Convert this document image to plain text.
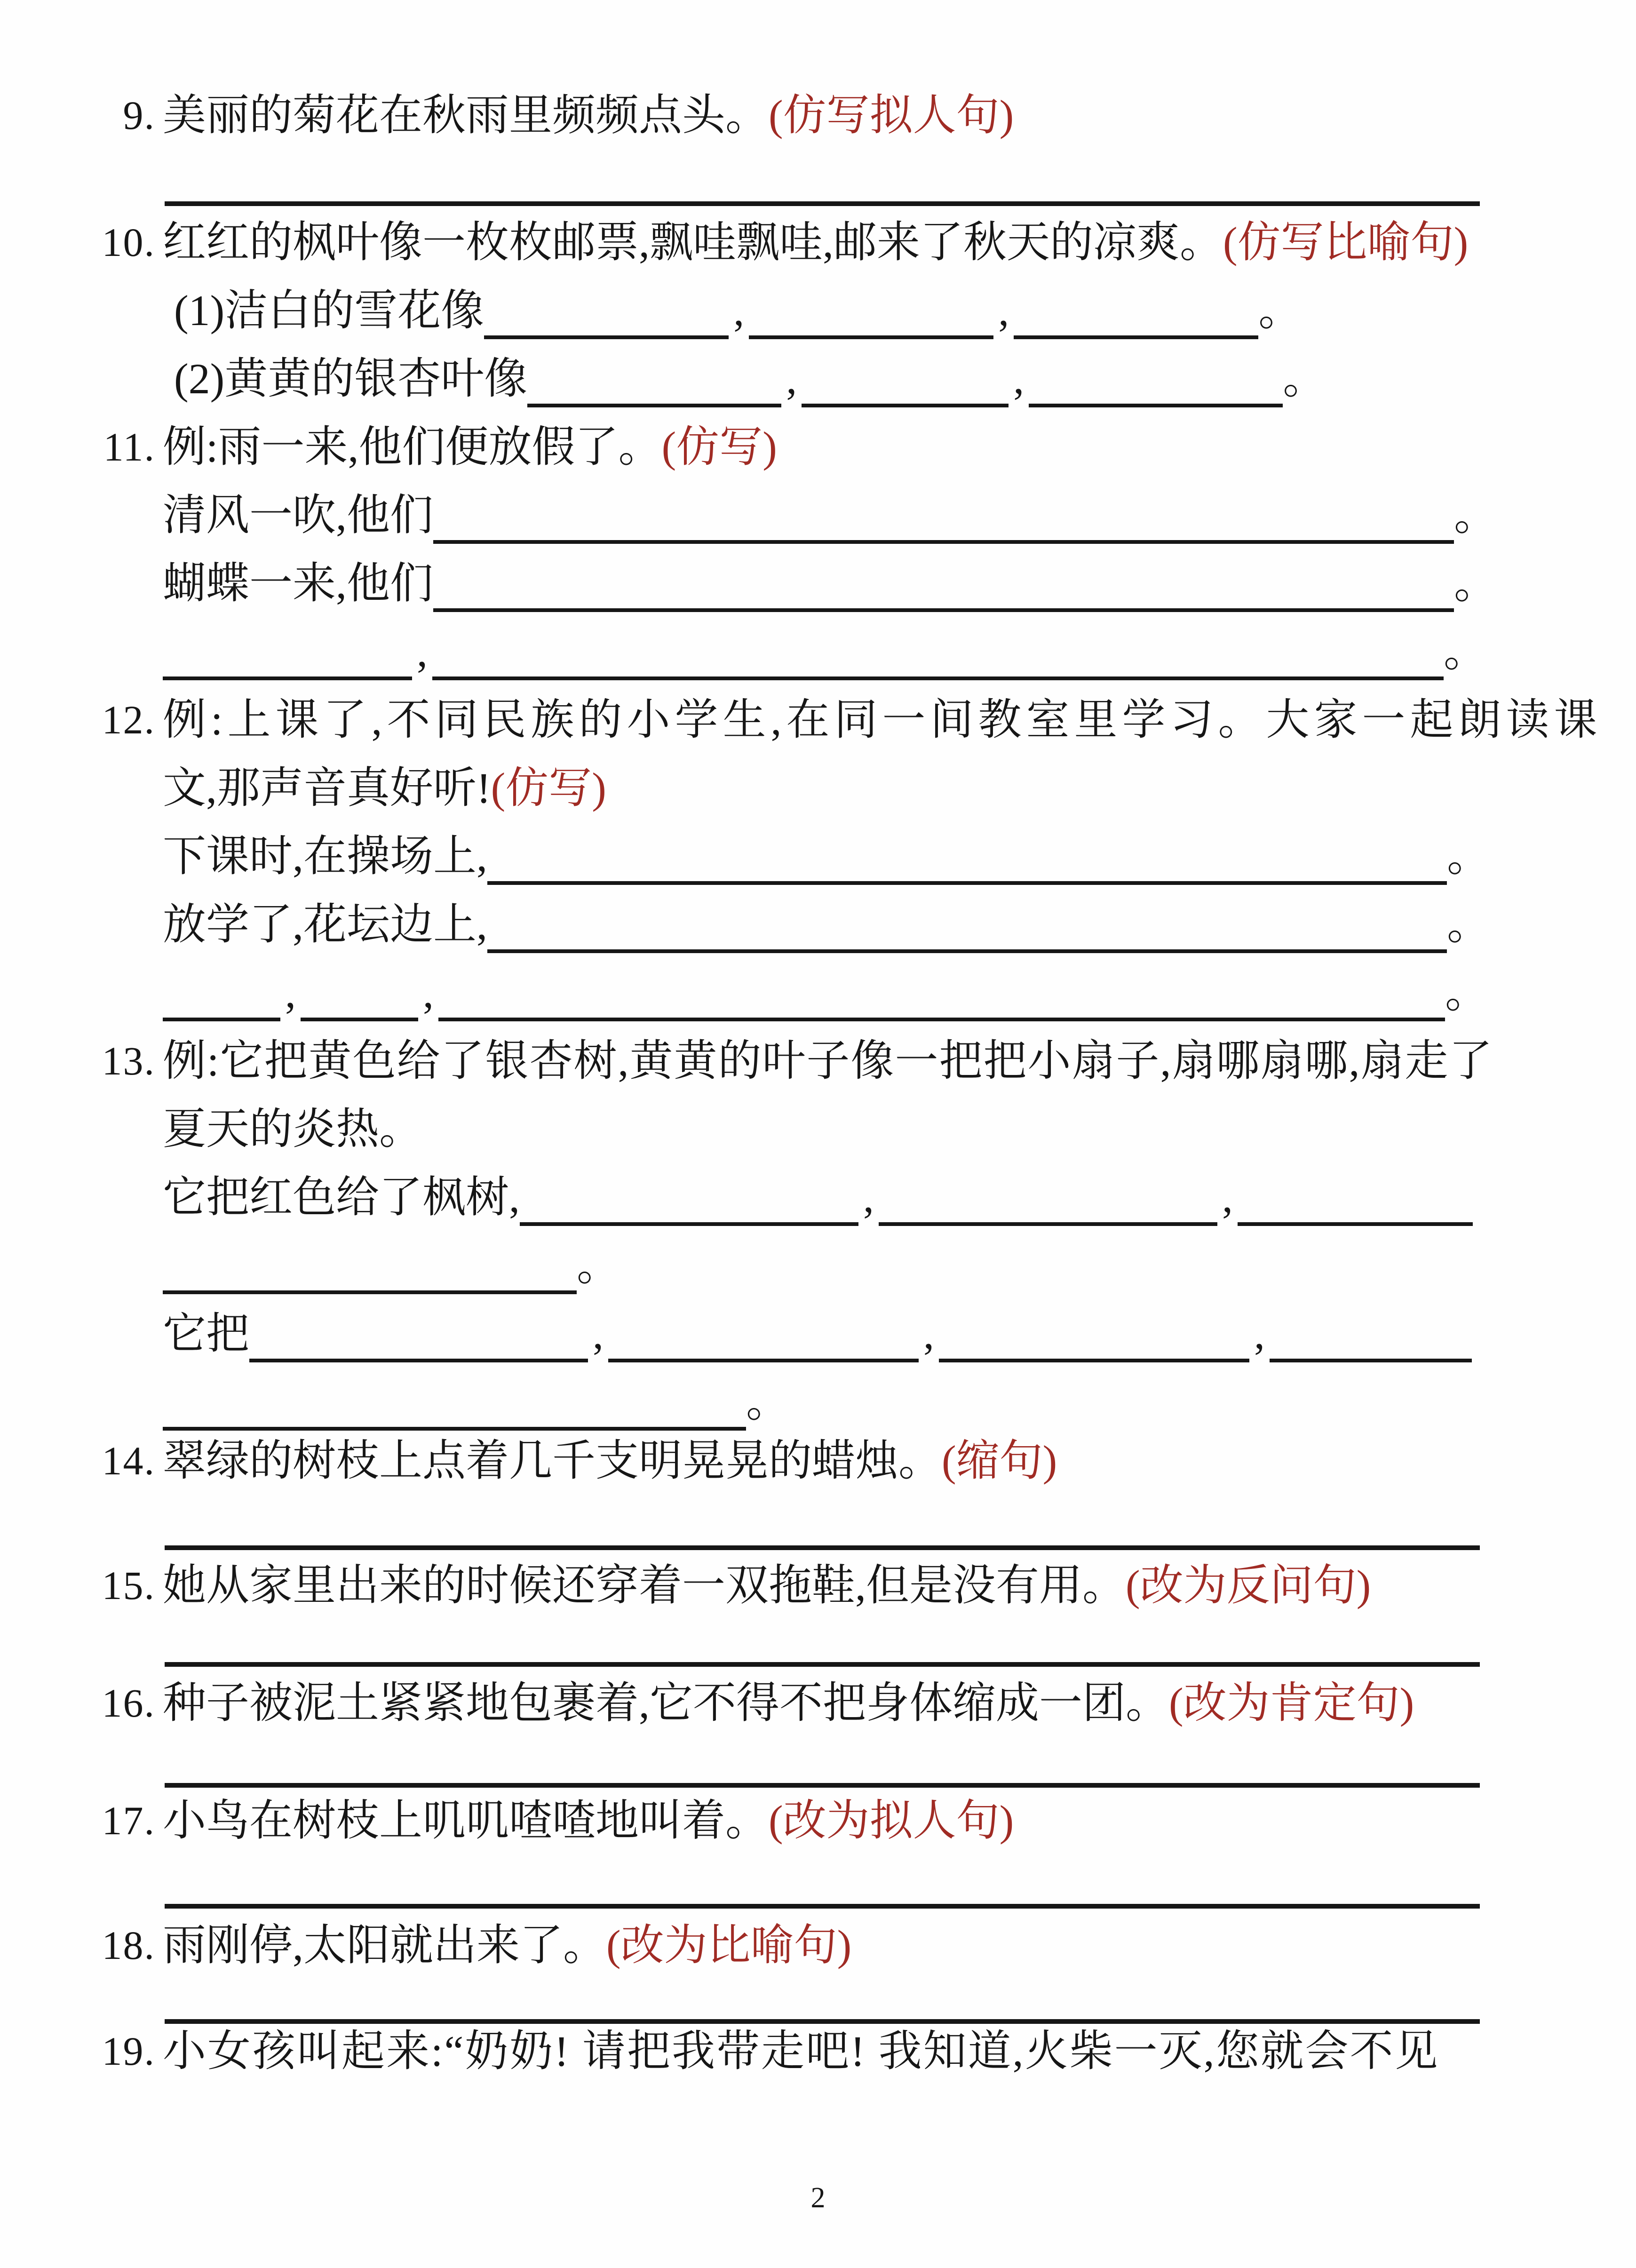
9. 美丽的菊花在秋雨里频频点头。(仿写拟人句)
10. 红红的枫叶像一枚枚邮票,飘哇飘哇,邮来了秋天的凉爽。(仿写比喻句)
(1)洁白的雪花像	,	,	。
(2)黄黄的银杏叶像	,	,	。
11. 例:雨一来,他们便放假了。(仿写)
清风一吹,他们	。
蝴蝶一来,他们	。
,	。
12. 例:上课了,不同民族的小学生,在同一间教室里学习。大家一起朗读课
文,那声音真好听!(仿写)
下课时,在操场上,	。
放学了,花坛边上,	。
,	,	。
13. 例:它把黄色给了银杏树,黄黄的叶子像一把把小扇子,扇哪扇哪,扇走了
夏天的炎热。
它把红色给了枫树,	,	,
。
它把	,	,	,
。
14. 翠绿的树枝上点着几千支明晃晃的蜡烛。(缩句)
15. 她从家里出来的时候还穿着一双拖鞋,但是没有用。(改为反问句)
16. 种子被泥土紧紧地包裹着,它不得不把身体缩成一团。(改为肯定句)
17. 小鸟在树枝上叽叽喳喳地叫着。(改为拟人句)
18. 雨刚停,太阳就出来了。(改为比喻句)
19. 小女孩叫起来:“奶奶! 请把我带走吧! 我知道,火柴一灭,您就会不见
2
